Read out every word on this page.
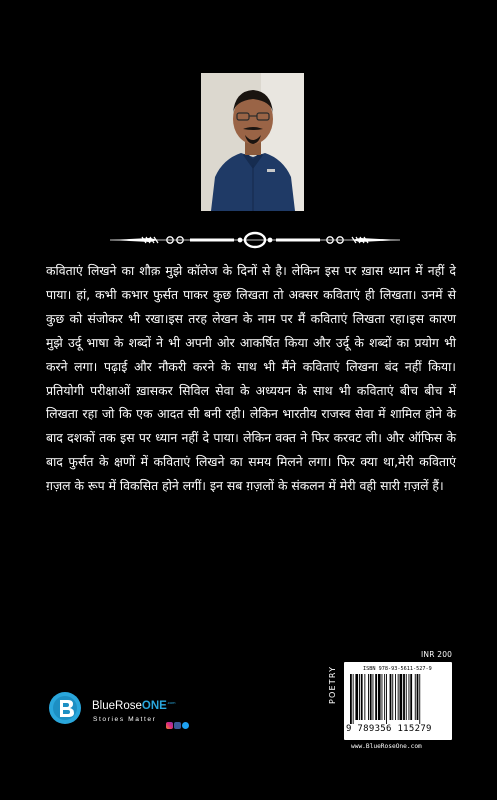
कविताएं लिखने का शौक़ मुझे कॉलेज के दिनों से है। लेकिन इस पर ख़ास ध्यान में नहीं दे पाया। हां, कभी कभार फुर्सत पाकर कुछ लिखता तो अक्सर कविताएं ही लिखता। उनमें से कुछ को संजोकर भी रखा।इस तरह लेखन के नाम पर मैं कविताएं लिखता रहा।इस कारण मुझे उर्दू भाषा के शब्दों ने भी अपनी ओर आकर्षित किया और उर्दू के शब्दों का प्रयोग भी करने लगा। पढ़ाई और नौकरी करने के साथ भी मैंने कविताएं लिखना बंद नहीं किया। प्रतियोगी परीक्षाओं ख़ासकर सिविल सेवा के अध्ययन के साथ भी कविताएं बीच बीच में लिखता रहा जो कि एक आदत सी बनी रही। लेकिन भारतीय राजस्व सेवा में शामिल होने के बाद दशकों तक इस पर ध्यान नहीं दे पाया। लेकिन वक्त ने फिर करवट ली। और ऑफिस के बाद फुर्सत के क्षणों में कविताएं लिखने का समय मिलने लगा। फिर क्या था,मेरी कविताएं ग़ज़ल के रूप में विकसित होने लगीं। इन सब ग़ज़लों के संकलन में मेरी वही सारी ग़ज़लें हैं।

INR 200
POETRY	ISBN 978-93-5611-527-9
9 789356 115279
www.BlueRoseOne.com
BlueRoseONE$^{.com}$
Stories Matter
